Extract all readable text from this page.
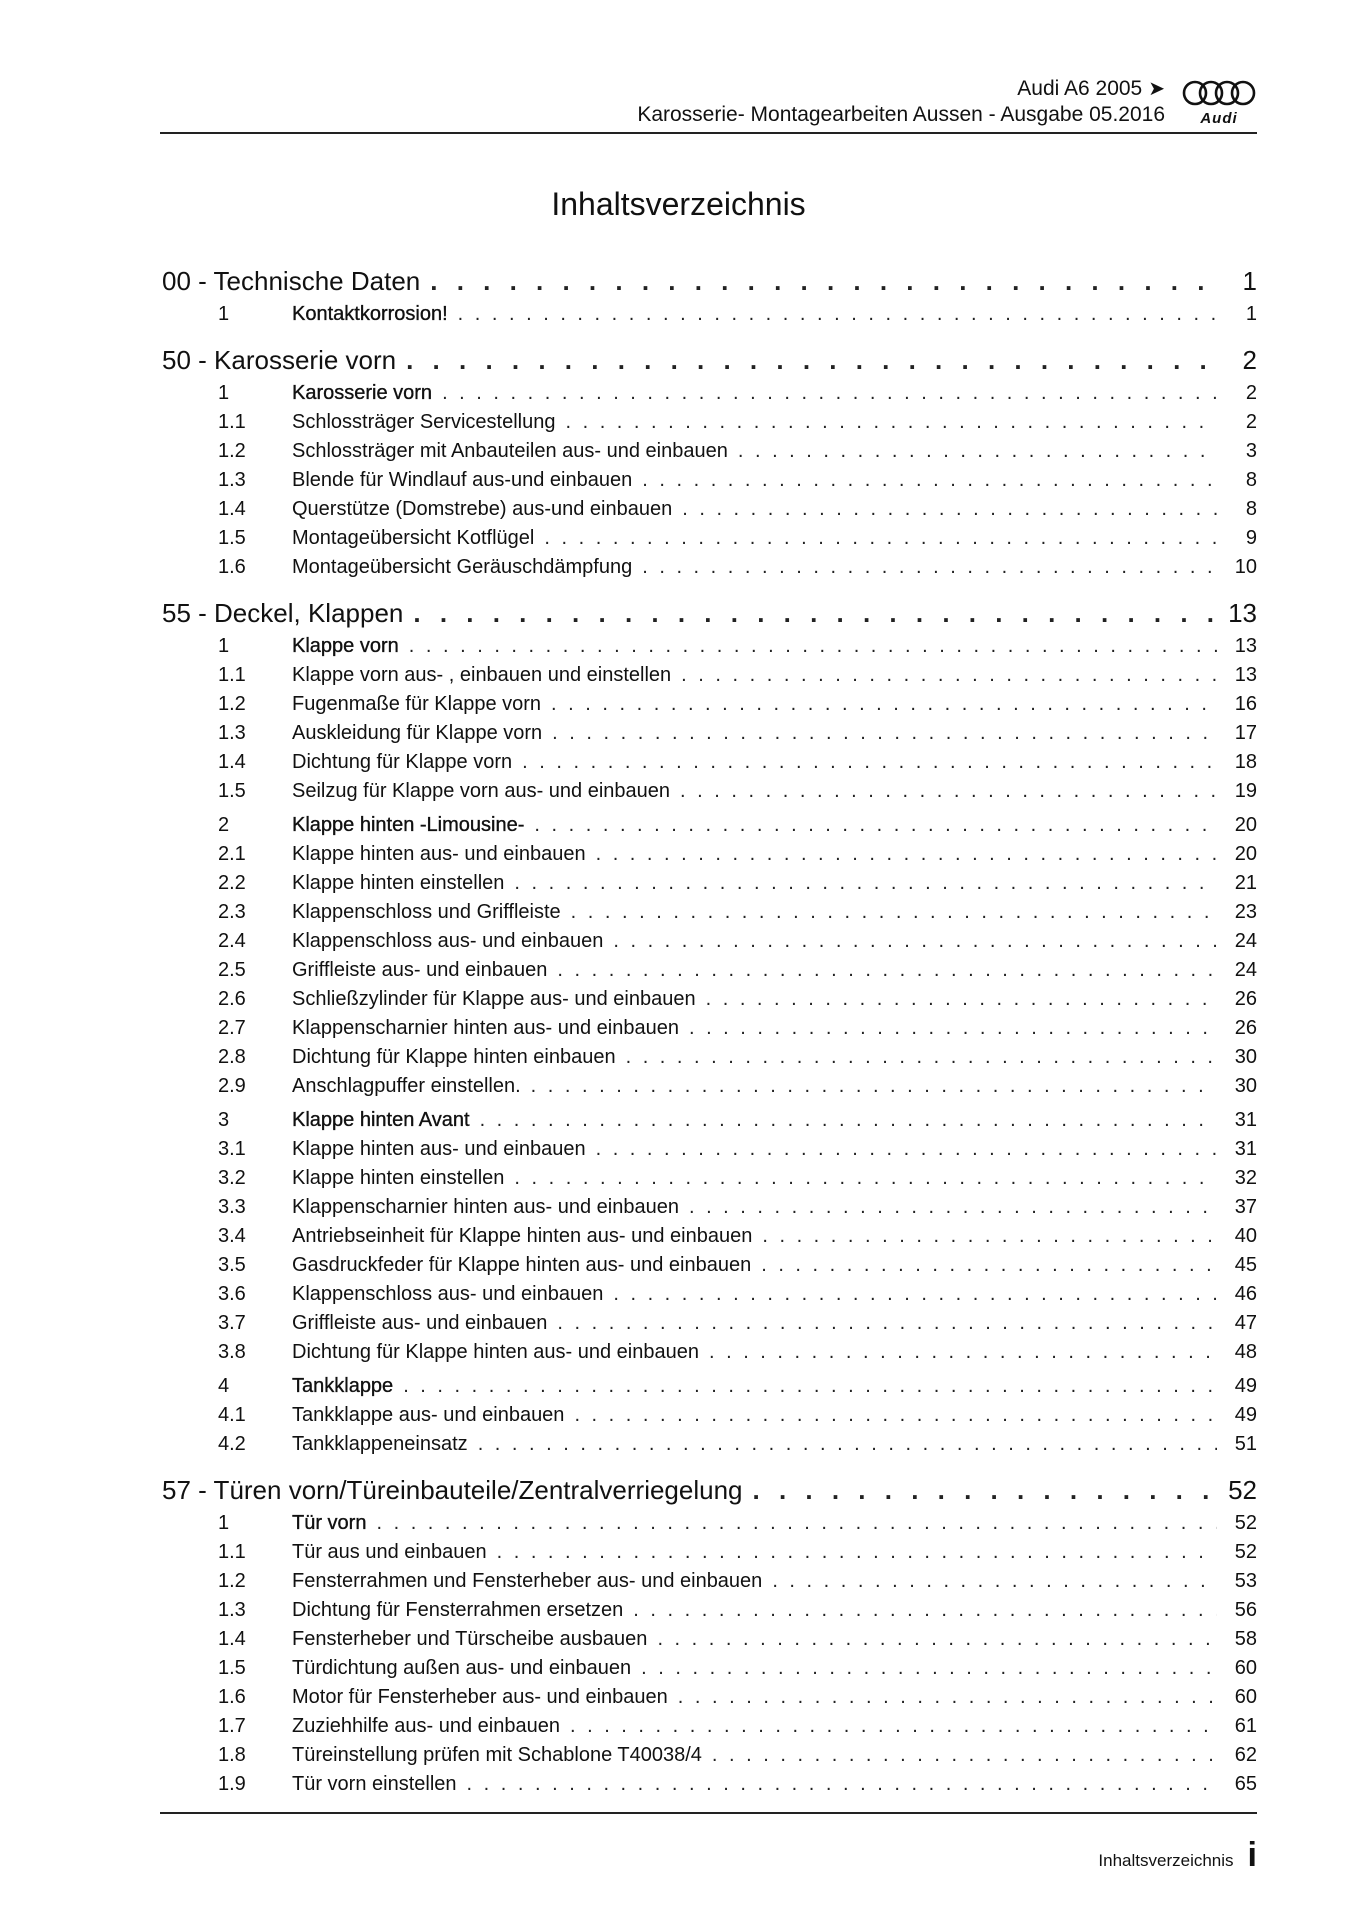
Audi A6 2005 ➤
Karosserie- Montagearbeiten Aussen - Ausgabe 05.2016	Audi
Inhaltsverzeichnis
00 - Technische Daten . . .	1
1	Kontaktkorrosion! . . .	1
50 - Karosserie vorn . . .	2
1	Karosserie vorn . . .	2
1.1 Schlossträger Servicestellung . . .	2
1.2 Schlossträger mit Anbauteilen aus- und einbauen . . .	3
1.3 Blende für Windlauf aus-und einbauen . . .	8
1.4 Querstütze (Domstrebe) aus-und einbauen . . .	8
1.5 Montageübersicht Kotflügel . . .	9
1.6 Montageübersicht Geräuschdämpfung . . .	10
55 - Deckel, Klappen . . .	13
1	Klappe vorn . . .	13
1.1 Klappe vorn aus- , einbauen und einstellen . . .	13
1.2 Fugenmaße für Klappe vorn . . .	16
1.3 Auskleidung für Klappe vorn . . .	17
1.4 Dichtung für Klappe vorn . . .	18
1.5 Seilzug für Klappe vorn aus- und einbauen . . .	19
2	Klappe hinten -Limousine- . . .	20
2.1 Klappe hinten aus- und einbauen . . .	20
2.2 Klappe hinten einstellen . . .	21
2.3 Klappenschloss und Griffleiste . . .	23
2.4 Klappenschloss aus- und einbauen . . .	24
2.5 Griffleiste aus- und einbauen . . .	24
2.6 Schließzylinder für Klappe aus- und einbauen . . .	26
2.7 Klappenscharnier hinten aus- und einbauen . . .	26
2.8 Dichtung für Klappe hinten einbauen . . .	30
2.9 Anschlagpuffer einstellen. . . .	30
3	Klappe hinten Avant . . .	31
3.1 Klappe hinten aus- und einbauen . . .	31
3.2 Klappe hinten einstellen . . .	32
3.3 Klappenscharnier hinten aus- und einbauen . . .	37
3.4 Antriebseinheit für Klappe hinten aus- und einbauen . . .	40
3.5 Gasdruckfeder für Klappe hinten aus- und einbauen . . .	45
3.6 Klappenschloss aus- und einbauen . . .	46
3.7 Griffleiste aus- und einbauen . . .	47
3.8 Dichtung für Klappe hinten aus- und einbauen . . .	48
4	Tankklappe . . .	49
4.1 Tankklappe aus- und einbauen . . .	49
4.2 Tankklappeneinsatz . . .	51
57 - Türen vorn/Türeinbauteile/Zentralverriegelung . . .	52
1	Tür vorn . . .	52
1.1 Tür aus und einbauen . . .	52
1.2 Fensterrahmen und Fensterheber aus- und einbauen . . .	53
1.3 Dichtung für Fensterrahmen ersetzen . . .	56
1.4 Fensterheber und Türscheibe ausbauen . . .	58
1.5 Türdichtung außen aus- und einbauen . . .	60
1.6 Motor für Fensterheber aus- und einbauen . . .	60
1.7 Zuziehhilfe aus- und einbauen . . .	61
1.8 Türeinstellung prüfen mit Schablone T40038/4 . . .	62
1.9 Tür vorn einstellen . . .	65
Inhaltsverzeichnis i
